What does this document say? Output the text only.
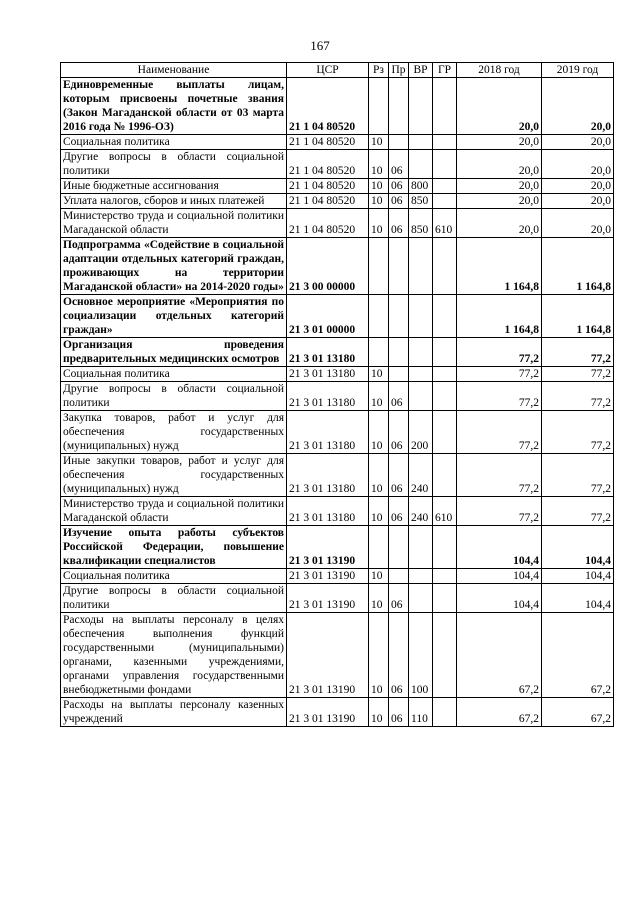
167
Наименование	ЦСР	Рз	Пр	ВР	ГР	2018 год	2019 год
Единовременные выплаты лицам, которым присвоены почетные звания (Закон Магаданской области от 03 марта 2016 года № 1996-ОЗ)	21 1 04 80520					20,0	20,0
Социальная политика	21 1 04 80520	10				20,0	20,0
Другие вопросы в области социальной политики	21 1 04 80520	10	06			20,0	20,0
Иные бюджетные ассигнования	21 1 04 80520	10	06	800		20,0	20,0
Уплата налогов, сборов и иных платежей	21 1 04 80520	10	06	850		20,0	20,0
Министерство труда и социальной политики Магаданской области	21 1 04 80520	10	06	850	610	20,0	20,0
Подпрограмма «Содействие в социальной адаптации отдельных категорий граждан, проживающих на территории Магаданской области» на 2014-2020 годы»	21 3 00 00000					1 164,8	1 164,8
Основное мероприятие «Мероприятия по социализации отдельных категорий граждан»	21 3 01 00000					1 164,8	1 164,8
Организация проведения предварительных медицинских осмотров	21 3 01 13180					77,2	77,2
Социальная политика	21 3 01 13180	10				77,2	77,2
Другие вопросы в области социальной политики	21 3 01 13180	10	06			77,2	77,2
Закупка товаров, работ и услуг для обеспечения государственных (муниципальных) нужд	21 3 01 13180	10	06	200		77,2	77,2
Иные закупки товаров, работ и услуг для обеспечения государственных (муниципальных) нужд	21 3 01 13180	10	06	240		77,2	77,2
Министерство труда и социальной политики Магаданской области	21 3 01 13180	10	06	240	610	77,2	77,2
Изучение опыта работы субъектов Российской Федерации, повышение квалификации специалистов	21 3 01 13190					104,4	104,4
Социальная политика	21 3 01 13190	10				104,4	104,4
Другие вопросы в области социальной политики	21 3 01 13190	10	06			104,4	104,4
Расходы на выплаты персоналу в целях обеспечения выполнения функций государственными (муниципальными) органами, казенными учреждениями, органами управления государственными внебюджетными фондами	21 3 01 13190	10	06	100		67,2	67,2
Расходы на выплаты персоналу казенных учреждений	21 3 01 13190	10	06	110		67,2	67,2
